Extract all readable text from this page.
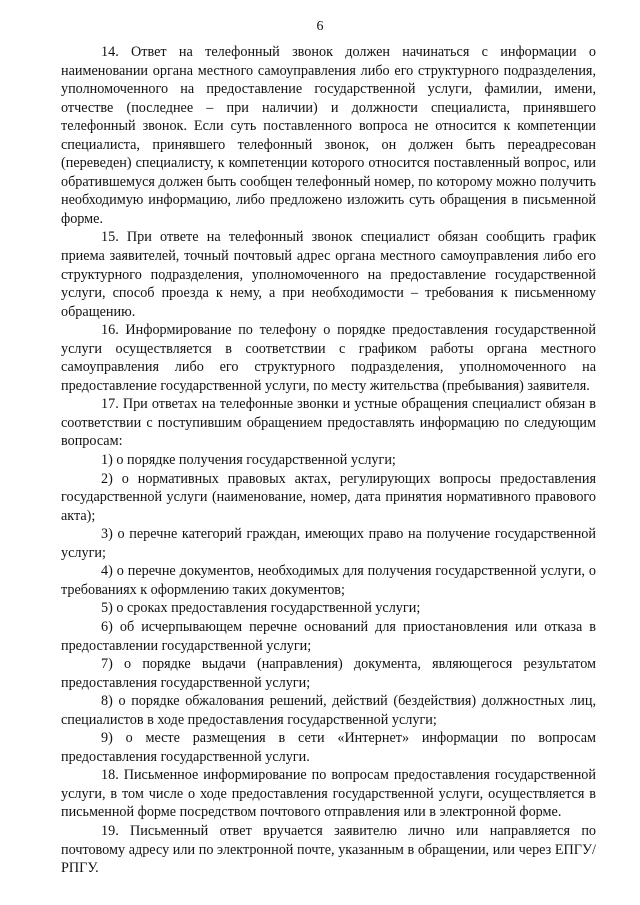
6

14. Ответ на телефонный звонок должен начинаться с информации о наименовании органа местного самоуправления либо его структурного подразделения, уполномоченного на предоставление государственной услуги, фамилии, имени, отчестве (последнее – при наличии) и должности специалиста, принявшего телефонный звонок. Если суть поставленного вопроса не относится к компетенции специалиста, принявшего телефонный звонок, он должен быть переадресован (переведен) специалисту, к компетенции которого относится поставленный вопрос, или обратившемуся должен быть сообщен телефонный номер, по которому можно получить необходимую информацию, либо предложено изложить суть обращения в письменной форме.

15. При ответе на телефонный звонок специалист обязан сообщить график приема заявителей, точный почтовый адрес органа местного самоуправления либо его структурного подразделения, уполномоченного на предоставление государственной услуги, способ проезда к нему, а при необходимости – требования к письменному обращению.

16. Информирование по телефону о порядке предоставления государственной услуги осуществляется в соответствии с графиком работы органа местного самоуправления либо его структурного подразделения, уполномоченного на предоставление государственной услуги, по месту жительства (пребывания) заявителя.

17. При ответах на телефонные звонки и устные обращения специалист обязан в соответствии с поступившим обращением предоставлять информацию по следующим вопросам:

1) о порядке получения государственной услуги;

2) о нормативных правовых актах, регулирующих вопросы предоставления государственной услуги (наименование, номер, дата принятия нормативного правового акта);

3) о перечне категорий граждан, имеющих право на получение государственной услуги;

4) о перечне документов, необходимых для получения государственной услуги, о требованиях к оформлению таких документов;

5) о сроках предоставления государственной услуги;

6) об исчерпывающем перечне оснований для приостановления или отказа в предоставлении государственной услуги;

7) о порядке выдачи (направления) документа, являющегося результатом предоставления государственной услуги;

8) о порядке обжалования решений, действий (бездействия) должностных лиц, специалистов в ходе предоставления государственной услуги;

9) о месте размещения в сети «Интернет» информации по вопросам предоставления государственной услуги.

18. Письменное информирование по вопросам предоставления государственной услуги, в том числе о ходе предоставления государственной услуги, осуществляется в письменной форме посредством почтового отправления или в электронной форме.

19. Письменный ответ вручается заявителю лично или направляется по почтовому адресу или по электронной почте, указанным в обращении, или через ЕПГУ/РПГУ.
